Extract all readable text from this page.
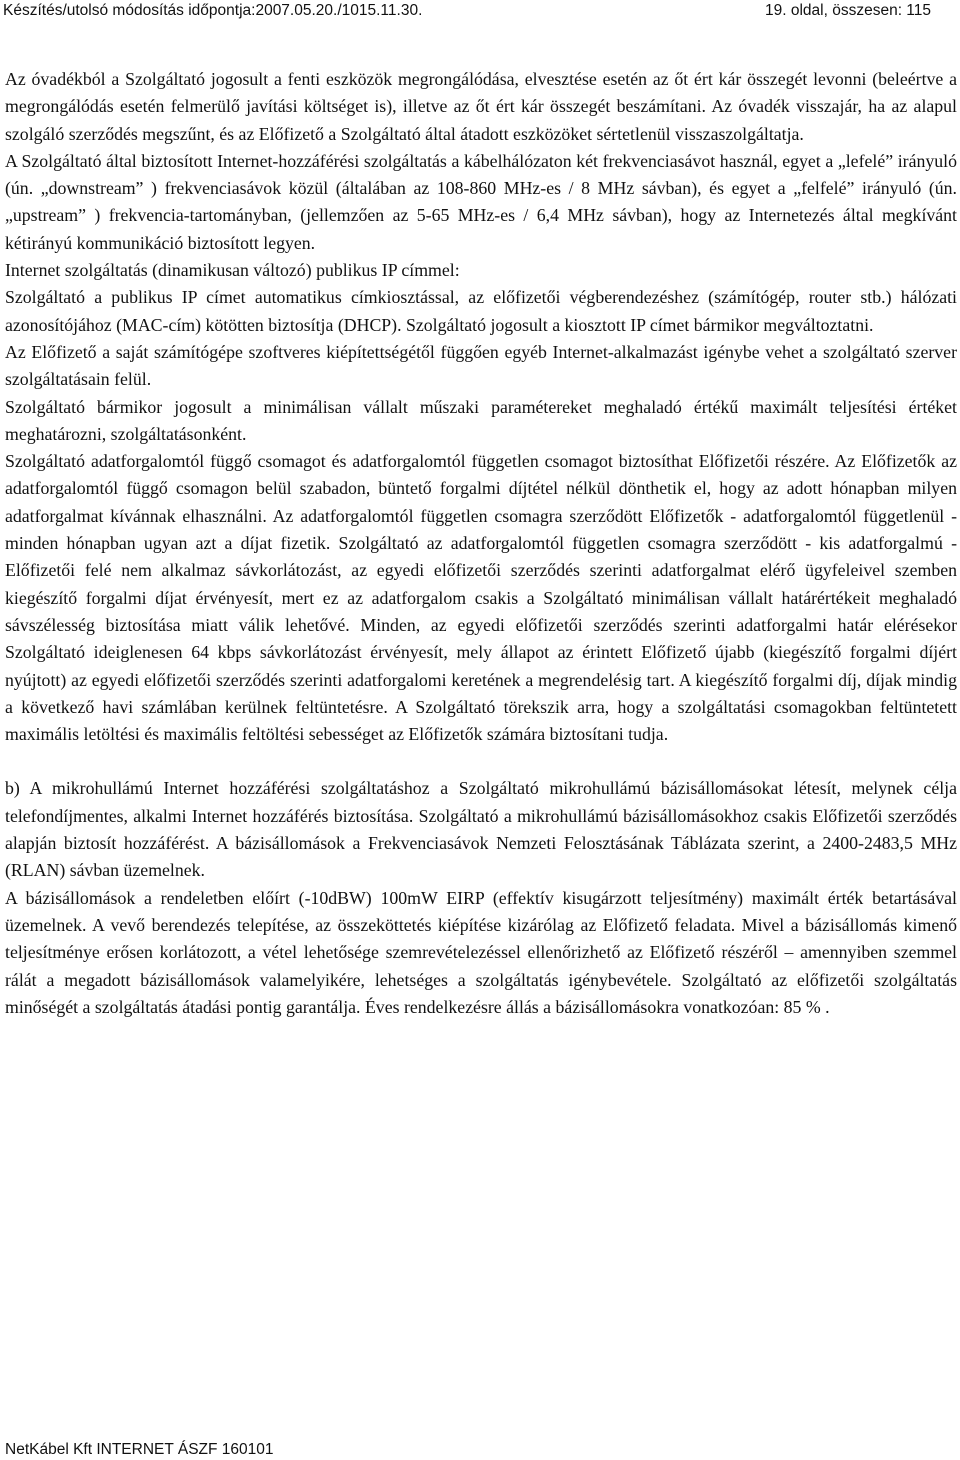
Készítés/utolsó módosítás időpontja:2007.05.20./1015.11.30.	19. oldal, összesen: 115

Az óvadékból a Szolgáltató jogosult a fenti eszközök megrongálódása, elvesztése esetén az őt ért kár összegét levonni (beleértve a megrongálódás esetén felmerülő javítási költséget is), illetve az őt ért kár összegét beszámítani. Az óvadék visszajár, ha az alapul szolgáló szerződés megszűnt, és az Előfizető a Szolgáltató által átadott eszközöket sértetlenül visszaszolgáltatja.

A Szolgáltató által biztosított Internet-hozzáférési szolgáltatás a kábelhálózaton két frekvenciasávot használ, egyet a „lefelé” irányuló (ún. „downstream” ) frekvenciasávok közül (általában az 108-860 MHz-es / 8 MHz sávban), és egyet a „felfelé” irányuló (ún. „upstream” ) frekvencia-tartományban, (jellemzően az 5-65 MHz-es / 6,4 MHz sávban), hogy az Internetezés által megkívánt kétirányú kommunikáció biztosított legyen.

Internet szolgáltatás (dinamikusan változó) publikus IP címmel:

Szolgáltató a publikus IP címet automatikus címkiosztással, az előfizetői végberendezéshez (számítógép, router stb.) hálózati azonosítójához (MAC-cím) kötötten biztosítja (DHCP). Szolgáltató jogosult a kiosztott IP címet bármikor megváltoztatni.

Az Előfizető a saját számítógépe szoftveres kiépítettségétől függően egyéb Internet-alkalmazást igénybe vehet a szolgáltató szerver szolgáltatásain felül.

Szolgáltató bármikor jogosult a minimálisan vállalt műszaki paramétereket meghaladó értékű maximált teljesítési értéket meghatározni, szolgáltatásonként.

Szolgáltató adatforgalomtól függő csomagot és adatforgalomtól független csomagot biztosíthat Előfizetői részére. Az Előfizetők az adatforgalomtól függő csomagon belül szabadon, büntető forgalmi díjtétel nélkül dönthetik el, hogy az adott hónapban milyen adatforgalmat kívánnak elhasználni. Az adatforgalomtól független csomagra szerződött Előfizetők - adatforgalomtól függetlenül - minden hónapban ugyan azt a díjat fizetik. Szolgáltató az adatforgalomtól független csomagra szerződött - kis adatforgalmú - Előfizetői felé nem alkalmaz sávkorlátozást, az egyedi előfizetői szerződés szerinti adatforgalmat elérő ügyfeleivel szemben kiegészítő forgalmi díjat érvényesít, mert ez az adatforgalom csakis a Szolgáltató minimálisan vállalt határértékeit meghaladó sávszélesség biztosítása miatt válik lehetővé. Minden, az egyedi előfizetői szerződés szerinti adatforgalmi határ elérésekor Szolgáltató ideiglenesen 64 kbps sávkorlátozást érvényesít, mely állapot az érintett Előfizető újabb (kiegészítő forgalmi díjért nyújtott) az egyedi előfizetői szerződés szerinti adatforgalomi keretének a megrendelésig tart. A kiegészítő forgalmi díj, díjak mindig a következő havi számlában kerülnek feltüntetésre. A Szolgáltató törekszik arra, hogy a szolgáltatási csomagokban feltüntetett maximális letöltési és maximális feltöltési sebességet az Előfizetők számára biztosítani tudja.

b) A mikrohullámú Internet hozzáférési szolgáltatáshoz a Szolgáltató mikrohullámú bázisállomásokat létesít, melynek célja telefondíjmentes, alkalmi Internet hozzáférés biztosítása. Szolgáltató a mikrohullámú bázisállomásokhoz csakis Előfizetői szerződés alapján biztosít hozzáférést. A bázisállomások a Frekvenciasávok Nemzeti Felosztásának Táblázata szerint, a 2400-2483,5 MHz (RLAN) sávban üzemelnek.

A bázisállomások a rendeletben előírt (-10dBW) 100mW EIRP (effektív kisugárzott teljesítmény) maximált érték betartásával üzemelnek. A vevő berendezés telepítése, az összeköttetés kiépítése kizárólag az Előfizető feladata. Mivel a bázisállomás kimenő teljesítménye erősen korlátozott, a vétel lehetősége szemrevételezéssel ellenőrizhető az Előfizető részéről – amennyiben szemmel rálát a megadott bázisállomások valamelyikére, lehetséges a szolgáltatás igénybevétele. Szolgáltató az előfizetői szolgáltatás minőségét a szolgáltatás átadási pontig garantálja. Éves rendelkezésre állás a bázisállomásokra vonatkozóan: 85 % .

NetKábel Kft INTERNET ÁSZF 160101
